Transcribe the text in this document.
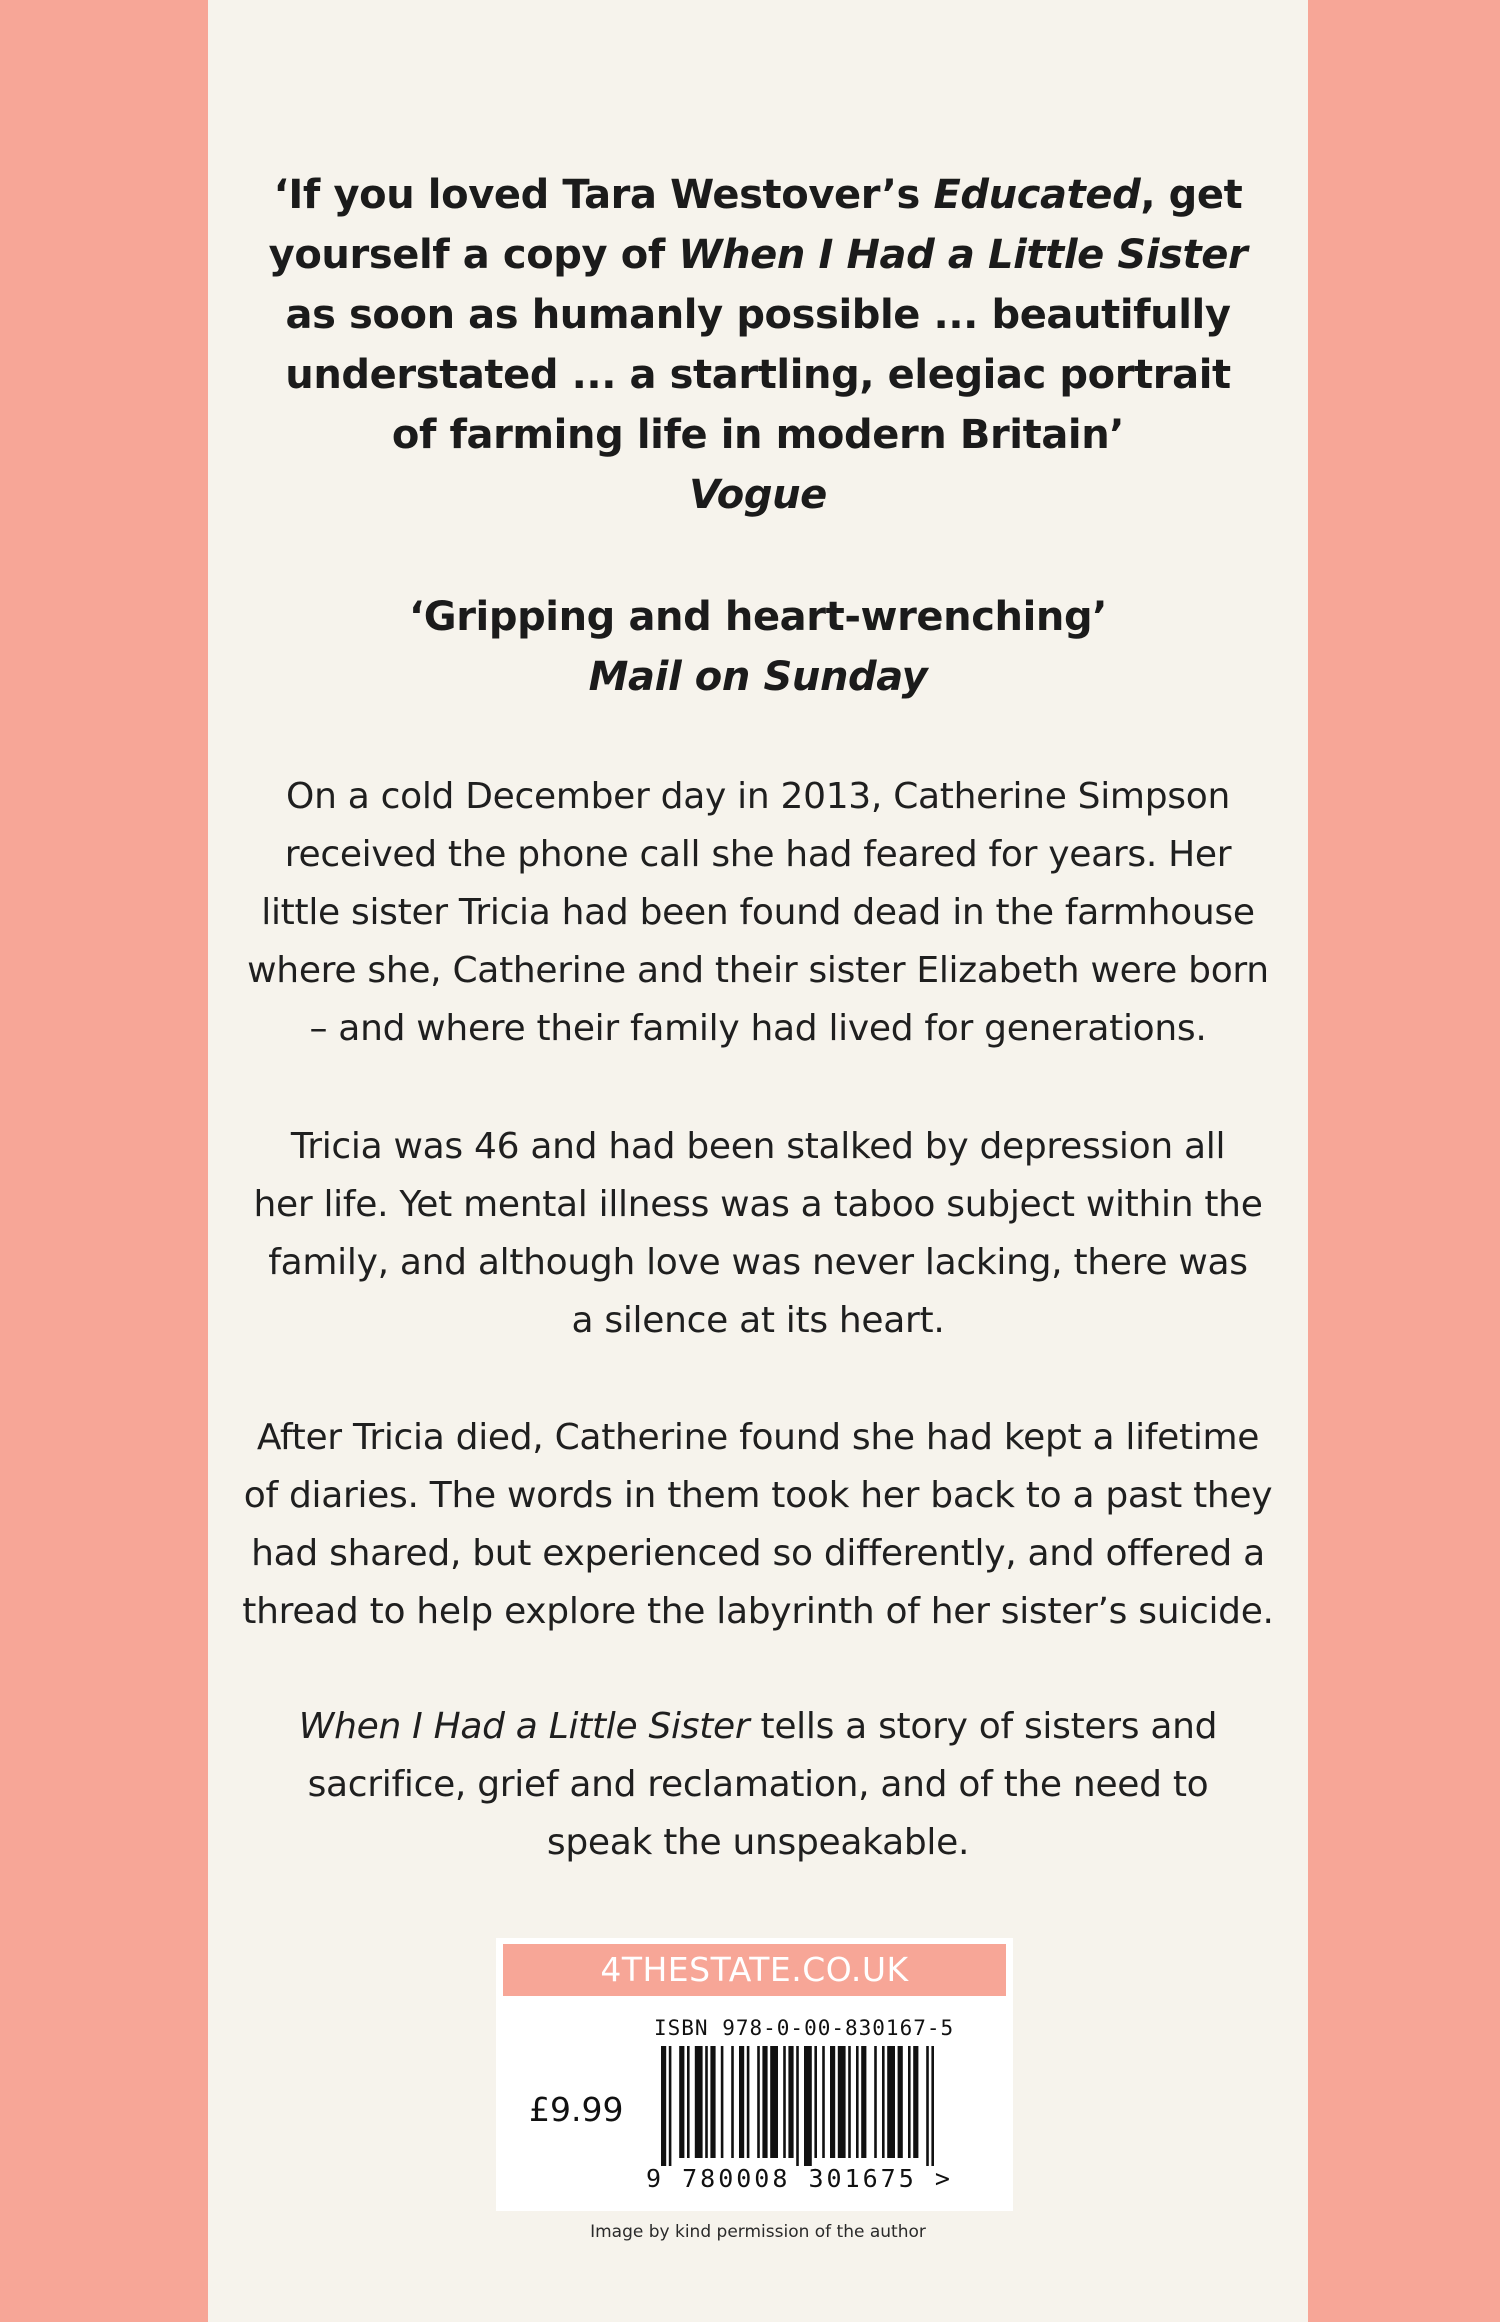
‘If you loved Tara Westover’s Educated, get

yourself a copy of When I Had a Little Sister

as soon as humanly possible ... beautifully

understated ... a startling, elegiac portrait

of farming life in modern Britain’

Vogue

‘Gripping and heart-wrenching’

Mail on Sunday

On a cold December day in 2013, Catherine Simpson

received the phone call she had feared for years. Her

little sister Tricia had been found dead in the farmhouse

where she, Catherine and their sister Elizabeth were born

– and where their family had lived for generations.

Tricia was 46 and had been stalked by depression all

her life. Yet mental illness was a taboo subject within the

family, and although love was never lacking, there was

a silence at its heart.

After Tricia died, Catherine found she had kept a lifetime

of diaries. The words in them took her back to a past they

had shared, but experienced so differently, and offered a

thread to help explore the labyrinth of her sister’s suicide.

When I Had a Little Sister tells a story of sisters and

sacrifice, grief and reclamation, and of the need to

speak the unspeakable.

4THESTATE.CO.UK
ISBN 978-0-00-830167-5
£9.99
9 780008 301675 >
Image by kind permission of the author
